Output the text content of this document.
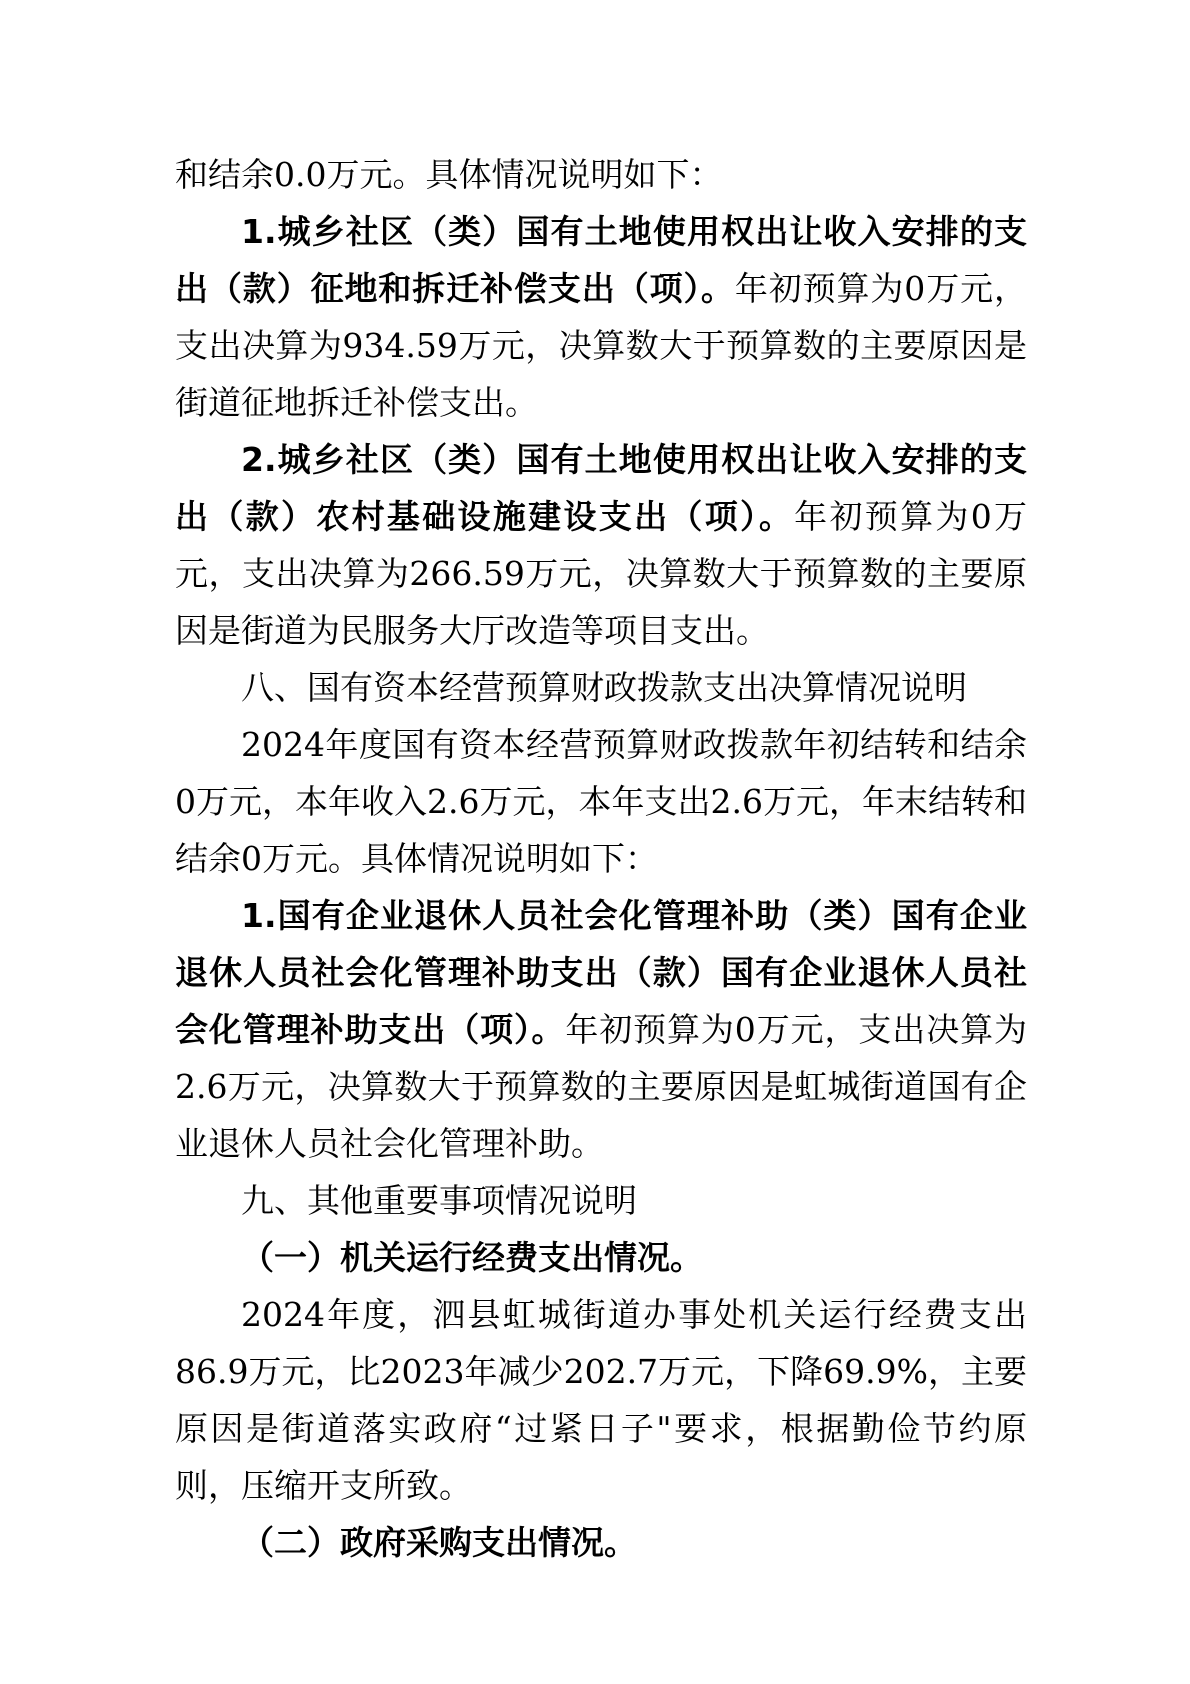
和结余0.0万元。具体情况说明如下：

1.城乡社区（类）国有土地使用权出让收入安排的支出（款）征地和拆迁补偿支出（项）。年初预算为0万元，支出决算为934.59万元，决算数大于预算数的主要原因是街道征地拆迁补偿支出。

2.城乡社区（类）国有土地使用权出让收入安排的支出（款）农村基础设施建设支出（项）。年初预算为0万元，支出决算为266.59万元，决算数大于预算数的主要原因是街道为民服务大厅改造等项目支出。

八、国有资本经营预算财政拨款支出决算情况说明

2024年度国有资本经营预算财政拨款年初结转和结余0万元，本年收入2.6万元，本年支出2.6万元，年末结转和结余0万元。具体情况说明如下：

1.国有企业退休人员社会化管理补助（类）国有企业退休人员社会化管理补助支出（款）国有企业退休人员社会化管理补助支出（项）。年初预算为0万元，支出决算为2.6万元，决算数大于预算数的主要原因是虹城街道国有企业退休人员社会化管理补助。

九、其他重要事项情况说明

（一）机关运行经费支出情况。

2024年度，泗县虹城街道办事处机关运行经费支出86.9万元，比2023年减少202.7万元，下降69.9%，主要原因是街道落实政府“过紧日子"要求，根据勤俭节约原则，压缩开支所致。

（二）政府采购支出情况。
